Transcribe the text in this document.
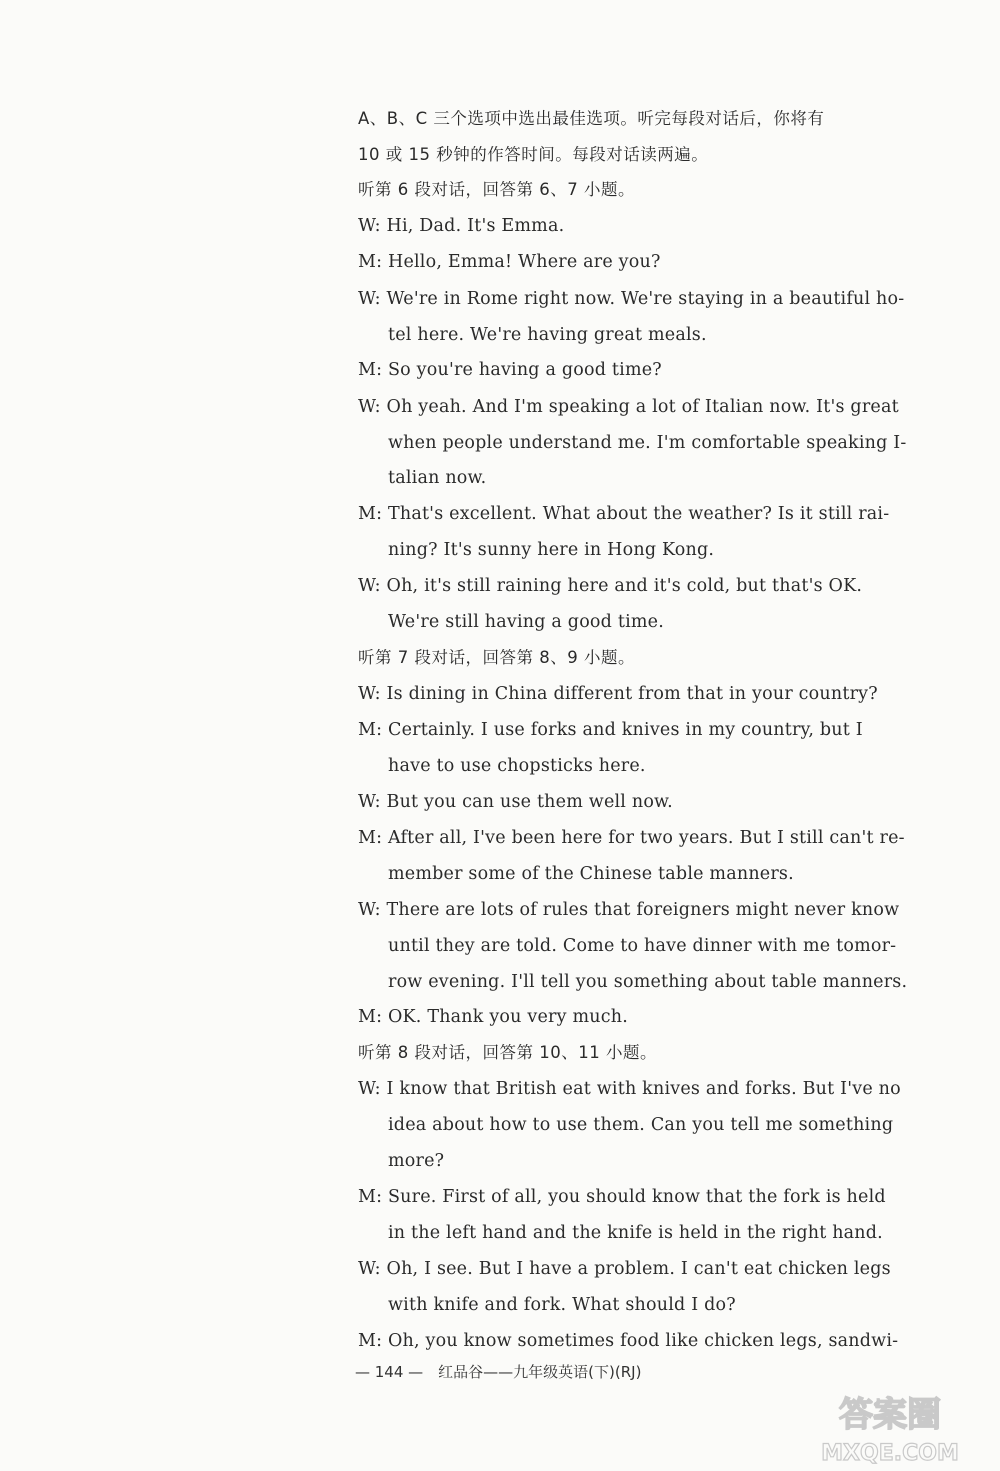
A、B、C 三个选项中选出最佳选项。听完每段对话后，你将有
10 或 15 秒钟的作答时间。每段对话读两遍。
听第 6 段对话，回答第 6、7 小题。
W: Hi, Dad. It's Emma.
M: Hello, Emma! Where are you?
W: We're in Rome right now. We're staying in a beautiful ho-
tel here. We're having great meals.
M: So you're having a good time?
W: Oh yeah. And I'm speaking a lot of Italian now. It's great
when people understand me. I'm comfortable speaking I-
talian now.
M: That's excellent. What about the weather? Is it still rai-
ning? It's sunny here in Hong Kong.
W: Oh, it's still raining here and it's cold, but that's OK.
We're still having a good time.
听第 7 段对话，回答第 8、9 小题。
W: Is dining in China different from that in your country?
M: Certainly. I use forks and knives in my country, but I
have to use chopsticks here.
W: But you can use them well now.
M: After all, I've been here for two years. But I still can't re-
member some of the Chinese table manners.
W: There are lots of rules that foreigners might never know
until they are told. Come to have dinner with me tomor-
row evening. I'll tell you something about table manners.
M: OK. Thank you very much.
听第 8 段对话，回答第 10、11 小题。
W: I know that British eat with knives and forks. But I've no
idea about how to use them. Can you tell me something
more?
M: Sure. First of all, you should know that the fork is held
in the left hand and the knife is held in the right hand.
W: Oh, I see. But I have a problem. I can't eat chicken legs
with knife and fork. What should I do?
M: Oh, you know sometimes food like chicken legs, sandwi-
— 144 —　红品谷——九年级英语(下)(RJ)
答案圈
MXQE.COM
